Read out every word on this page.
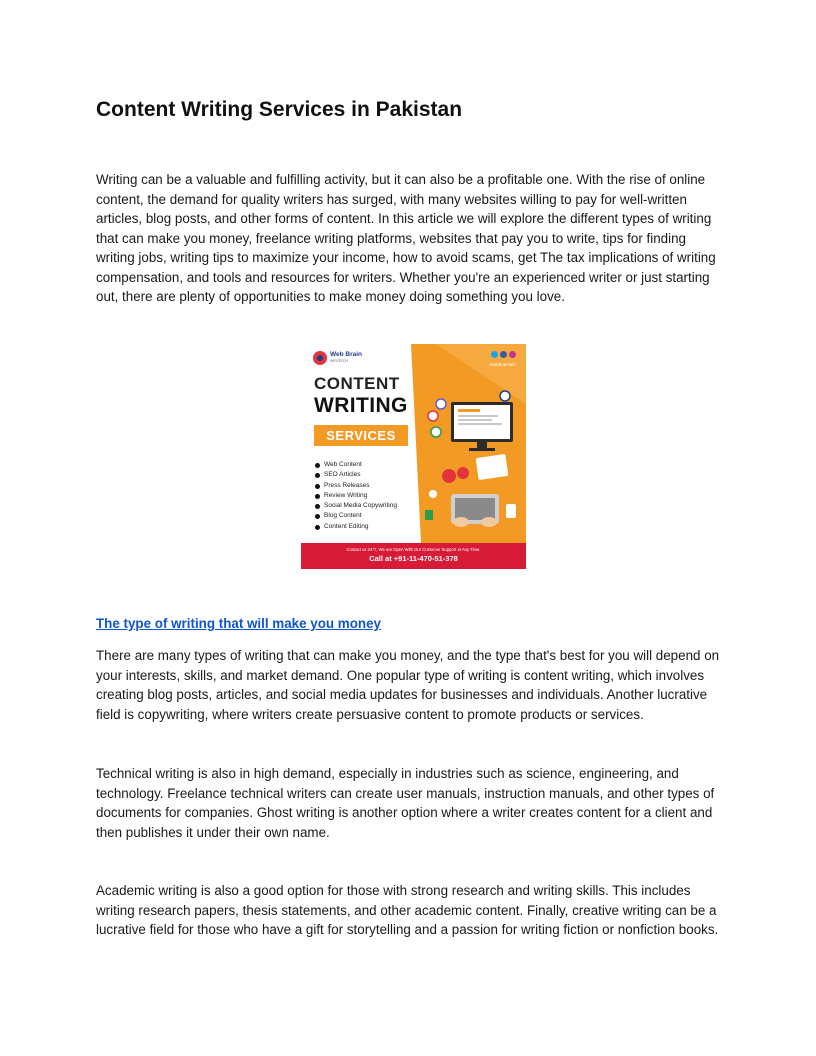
Content Writing Services in Pakistan

Writing can be a valuable and fulfilling activity, but it can also be a profitable one. With the rise of online content, the demand for quality writers has surged, with many websites willing to pay for well-written articles, blog posts, and other forms of content. In this article we will explore the different types of writing that can make you money, freelance writing platforms, websites that pay you to write, tips for finding writing jobs, writing tips to maximize your income, how to avoid scams, get The tax implications of writing compensation, and tools and resources for writers. Whether you're an experienced writer or just starting out, there are plenty of opportunities to make money doing something you love.

Web Brain
INFOTECH
/webbraininfo
CONTENT
WRITING
SERVICES
Web Content
SEO Articles
Press Releases
Review Writing
Social Media Copywriting
Blog Content
Content Editing
Contact us 24*7, We are Open With Our Customer Support at Any Time.
Call at +91-11-470-51-378
The type of writing that will make you money

There are many types of writing that can make you money, and the type that's best for you will depend on your interests, skills, and market demand. One popular type of writing is content writing, which involves creating blog posts, articles, and social media updates for businesses and individuals. Another lucrative field is copywriting, where writers create persuasive content to promote products or services.

Technical writing is also in high demand, especially in industries such as science, engineering, and technology. Freelance technical writers can create user manuals, instruction manuals, and other types of documents for companies. Ghost writing is another option where a writer creates content for a client and then publishes it under their own name.

Academic writing is also a good option for those with strong research and writing skills. This includes writing research papers, thesis statements, and other academic content. Finally, creative writing can be a lucrative field for those who have a gift for storytelling and a passion for writing fiction or nonfiction books.
